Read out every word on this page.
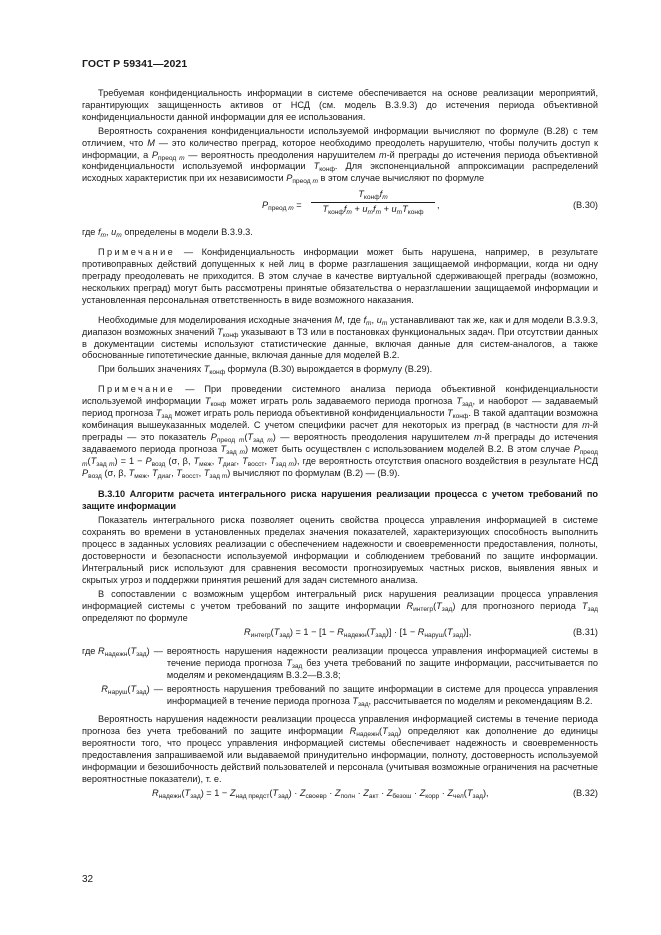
ГОСТ Р 59341—2021

Требуемая конфиденциальность информации в системе обеспечивается на основе реализации мероприятий, гарантирующих защищенность активов от НСД (см. модель В.3.9.3) до истечения периода объективной конфиденциальности данной информации для ее использования.

Вероятность сохранения конфиденциальности используемой информации вычисляют по формуле (В.28) с тем отличием, что M — это количество преград, которое необходимо преодолеть нарушителю, чтобы получить доступ к информации, а $P_{преод m}$ — вероятность преодоления нарушителем m-й преграды до истечения периода объективной конфиденциальности используемой информации $T_{конф}$. Для экспоненциальной аппроксимации распределений исходных характеристик при их независимости $P_{преод m}$ в этом случае вычисляют по формуле

$P_{преод m}$ =
$T_{конф}f_m$
$T_{конф}f_m + u_mf_m + u_mT_{конф}$
,	(В.30)

где $f_m$, $u_m$ определены в модели В.3.9.3.

Примечание — Конфиденциальность информации может быть нарушена, например, в результате противоправных действий допущенных к ней лиц в форме разглашения защищаемой информации, когда ни одну преграду преодолевать не приходится. В этом случае в качестве виртуальной сдерживающей преграды (возможно, нескольких преград) могут быть рассмотрены принятые обязательства о неразглашении защищаемой информации и установленная персональная ответственность в виде возможного наказания.

Необходимые для моделирования исходные значения M, где $f_m$, $u_m$ устанавливают так же, как и для модели В.3.9.3, диапазон возможных значений $T_{конф}$ указывают в ТЗ или в постановках функциональных задач. При отсутствии данных в документации системы используют статистические данные, включая данные для систем-аналогов, а также обоснованные гипотетические данные, включая данные для моделей В.2.

При больших значениях $T_{конф}$ формула (В.30) вырождается в формулу (В.29).

Примечание — При проведении системного анализа периода объективной конфиденциальности используемой информации $T_{конф}$ может играть роль задаваемого периода прогноза $T_{зад}$, и наоборот — задаваемый период прогноза $T_{зад}$ может играть роль периода объективной конфиденциальности $T_{конф}$. В такой адаптации возможна комбинация вышеуказанных моделей. С учетом специфики расчет для некоторых из преград (в частности для m-й преграды — это показатель $P_{преод m}(T_{зад m})$ — вероятность преодоления нарушителем m-й преграды до истечения задаваемого периода прогноза $T_{зад m}$) может быть осуществлен с использованием моделей В.2. В этом случае $P_{преод m}(T_{зад m}) = 1 - P_{возд}$ (σ, β, $T_{меж}$, $T_{диаг}$, $T_{восст}$, $T_{зад m}$), где вероятность отсутствия опасного воздействия в результате НСД $P_{возд}$ (σ, β, $T_{меж}$, $T_{диаг}$, $T_{восст}$, $T_{зад m}$) вычисляют по формулам (В.2) — (В.9).

В.3.10 Алгоритм расчета интегрального риска нарушения реализации процесса с учетом требований по защите информации

Показатель интегрального риска позволяет оценить свойства процесса управления информацией в системе сохранять во времени в установленных пределах значения показателей, характеризующих способность выполнить процесс в заданных условиях реализации с обеспечением надежности и своевременности предоставления, полноты, достоверности и безопасности используемой информации и соблюдением требований по защите информации. Интегральный риск используют для сравнения весомости прогнозируемых частных рисков, выявления явных и скрытых угроз и поддержки принятия решений для задач системного анализа.

В сопоставлении с возможным ущербом интегральный риск нарушения реализации процесса управления информацией системы с учетом требований по защите информации $R_{интегр}(T_{зад})$ для прогнозного периода $T_{зад}$ определяют по формуле

$R_{интегр}(T_{зад}) = 1 - [1 - R_{надежн}(T_{зад})] \cdot [1 - R_{наруш}(T_{зад})]$,	(В.31)
где $R_{надежн}(T_{зад})$	—	вероятность нарушения надежности реализации процесса управления информацией системы в течение периода прогноза $T_{зад}$ без учета требований по защите информации, рассчитывается по моделям и рекомендациям В.3.2—В.3.8;
$R_{наруш}(T_{зад})$	—	вероятность нарушения требований по защите информации в системе для процесса управления информацией в течение периода прогноза $T_{зад}$, рассчитывается по моделям и рекомендациям В.2.

Вероятность нарушения надежности реализации процесса управления информацией системы в течение периода прогноза без учета требований по защите информации $R_{надежн}(T_{зад})$ определяют как дополнение до единицы вероятности того, что процесс управления информацией системы обеспечивает надежность и своевременность предоставления запрашиваемой или выдаваемой принудительно информации, полноту, достоверность используемой информации и безошибочность действий пользователей и персонала (учитывая возможные ограничения на расчетные вероятностные показатели), т. е.

$R_{надежн}(T_{зад}) = 1 - Z_{над предст}(T_{зад}) \cdot Z_{своевр} \cdot Z_{полн} \cdot Z_{акт} \cdot Z_{безош} \cdot Z_{корр} \cdot Z_{чел}(T_{зад})$,	(В.32)
32
